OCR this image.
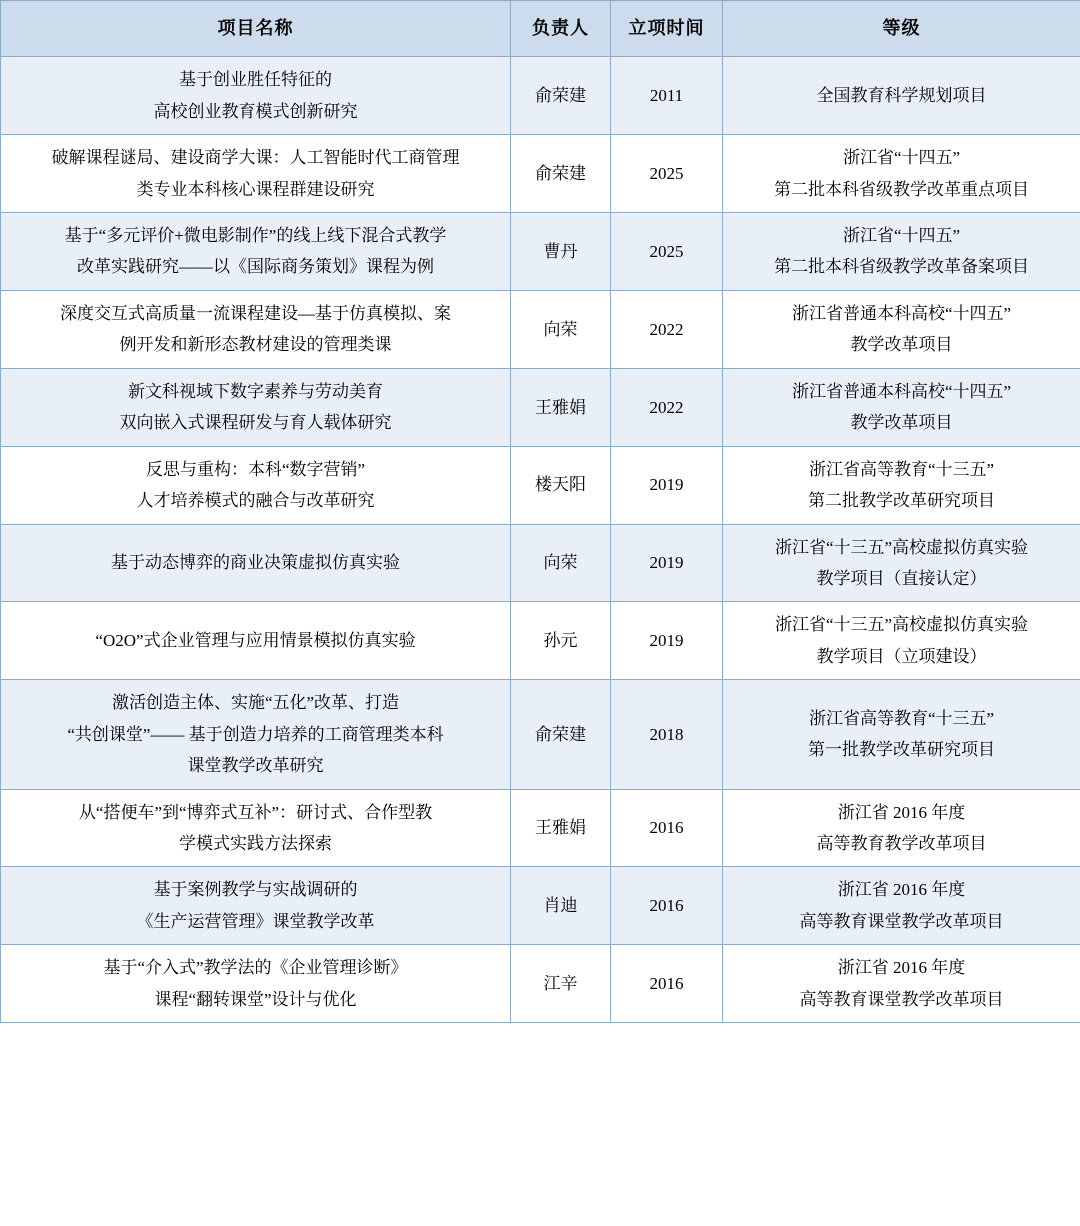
项目名称	负责人	立项时间	等级

基于创业胜任特征的
高校创业教育模式创新研究	俞荣建	2011	全国教育科学规划项目

破解课程谜局、建设商学大课：人工智能时代工商管理
类专业本科核心课程群建设研究	俞荣建	2025	浙江省“十四五”
第二批本科省级教学改革重点项目

基于“多元评价+微电影制作”的线上线下混合式教学
改革实践研究——以《国际商务策划》课程为例	曹丹	2025	浙江省“十四五”
第二批本科省级教学改革备案项目

深度交互式高质量一流课程建设—基于仿真模拟、案
例开发和新形态教材建设的管理类课	向荣	2022	浙江省普通本科高校“十四五”
教学改革项目

新文科视域下数字素养与劳动美育
双向嵌入式课程研发与育人载体研究	王雅娟	2022	浙江省普通本科高校“十四五”
教学改革项目

反思与重构：本科“数字营销”
人才培养模式的融合与改革研究	楼天阳	2019	浙江省高等教育“十三五”
第二批教学改革研究项目

基于动态博弈的商业决策虚拟仿真实验	向荣	2019	浙江省“十三五”高校虚拟仿真实验
教学项目（直接认定）

“O2O”式企业管理与应用情景模拟仿真实验	孙元	2019	浙江省“十三五”高校虚拟仿真实验
教学项目（立项建设）

激活创造主体、实施“五化”改革、打造
“共创课堂”—— 基于创造力培养的工商管理类本科
课堂教学改革研究	俞荣建	2018	浙江省高等教育“十三五”
第一批教学改革研究项目

从“搭便车”到“博弈式互补”：研讨式、合作型教
学模式实践方法探索	王雅娟	2016	浙江省 2016 年度
高等教育教学改革项目

基于案例教学与实战调研的
《生产运营管理》课堂教学改革	肖迪	2016	浙江省 2016 年度
高等教育课堂教学改革项目

基于“介入式”教学法的《企业管理诊断》
课程“翻转课堂”设计与优化	江辛	2016	浙江省 2016 年度
高等教育课堂教学改革项目
